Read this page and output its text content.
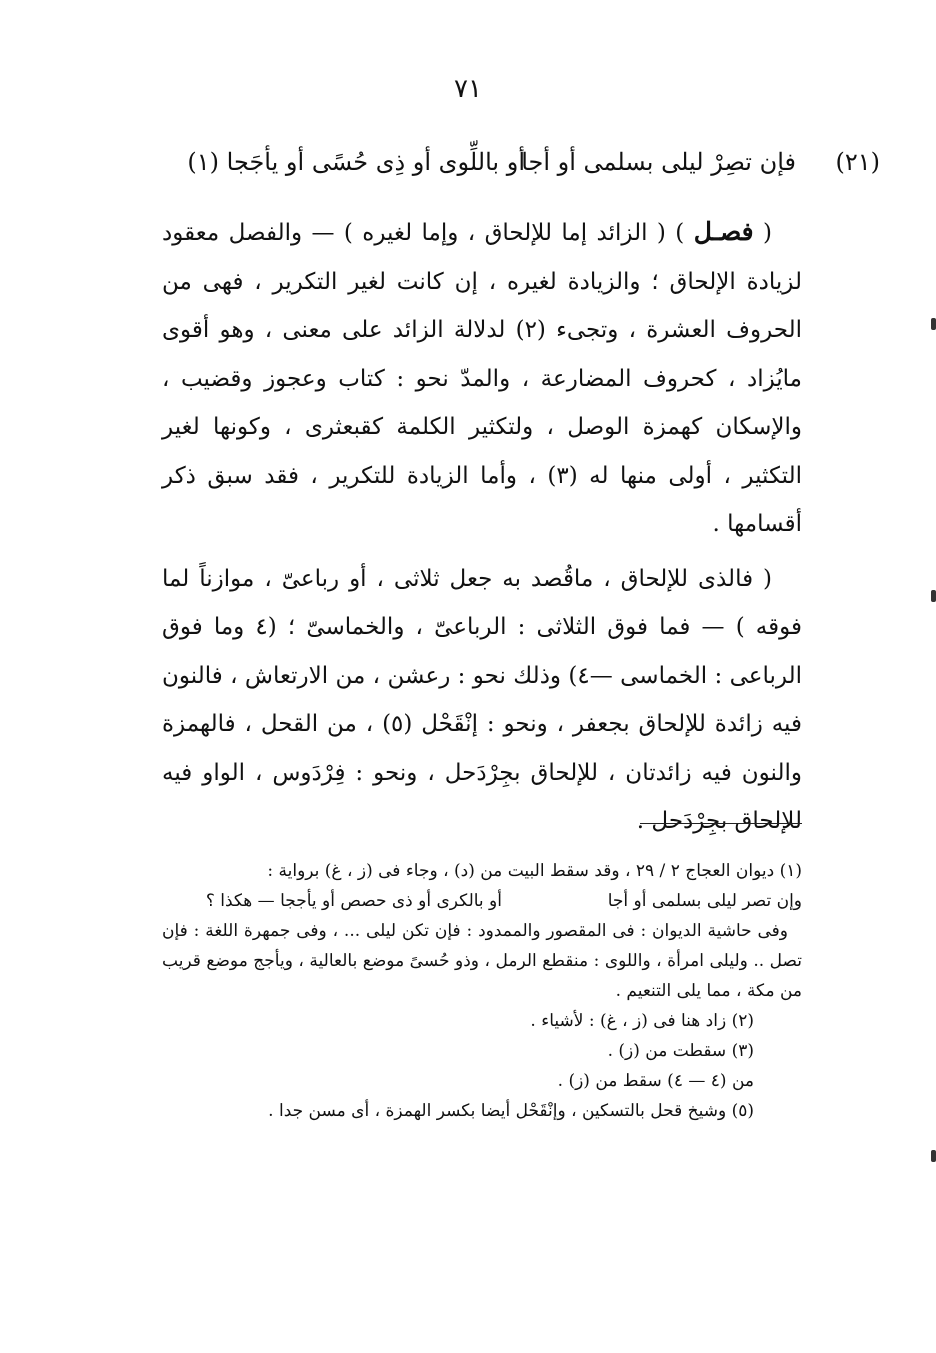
٧١
(٢١)
فإن تصِرْ ليلى بسلمى أو أجا
أو باللِّوى أو ذِى حُسًى أو يأجَجا (١)

( فصـل ) ( الزائد إما للإلحاق ، وإما لغيره ) — والفصل معقود لزيادة الإلحاق ؛ والزيادة لغيره ، إن كانت لغير التكرير ، فهى من الحروف العشرة ، وتجىء (٢) لدلالة الزائد على معنى ، وهو أقوى مايُزاد ، كحروف المضارعة ، والمدّ نحو : كتاب وعجوز وقضيب ، والإسكان كهمزة الوصل ، ولتكثير الكلمة كقبعثرى ، وكونها لغير التكثير ، أولى منها له (٣) ، وأما الزيادة للتكرير ، فقد سبق ذكر أقسامها .

( فالذى للإلحاق ، ماقُصد به جعل ثلاثى ، أو رباعىّ ، موازناً لما فوقه ) — فما فوق الثلاثى : الرباعىّ ، والخماسىّ ؛ (٤ وما فوق الرباعى : الخماسى —٤) وذلك نحو : رعشن ، من الارتعاش ، فالنون فيه زائدة للإلحاق بجعفر ، ونحو : إنْقَحْل (٥) ، من القحل ، فالهمزة والنون فيه زائدتان ، للإلحاق بجِرْدَحل ، ونحو : فِرْدَوس ، الواو فيه للإلحاق بجِرْدَحل .

(١) ديوان العجاج ٢ / ٢٩ ، وقد سقط البيت من (د) ، وجاء فى (ز ، غ) برواية :

وإن تصر ليلى بسلمى أو أجا
أو بالكرى أو ذى حصص أو يأججا — هكذا ؟

وفى حاشية الديوان : فى المقصور والممدود : فإن تكن ليلى ... ، وفى جمهرة اللغة : فإن تصل .. وليلى امرأة ، واللوى : منقطع الرمل ، وذو حُسىً موضع بالعالية ، ويأجج موضع قريب من مكة ، مما يلى التنعيم .

(٢) زاد هنا فى (ز ، غ) : لأشياء .

(٣) سقطت من (ز) .

من (٤ — ٤) سقط من (ز) .

(٥) وشيخ قحل بالتسكين ، وإنْقَحْل أيضا بكسر الهمزة ، أى مسن جدا .
